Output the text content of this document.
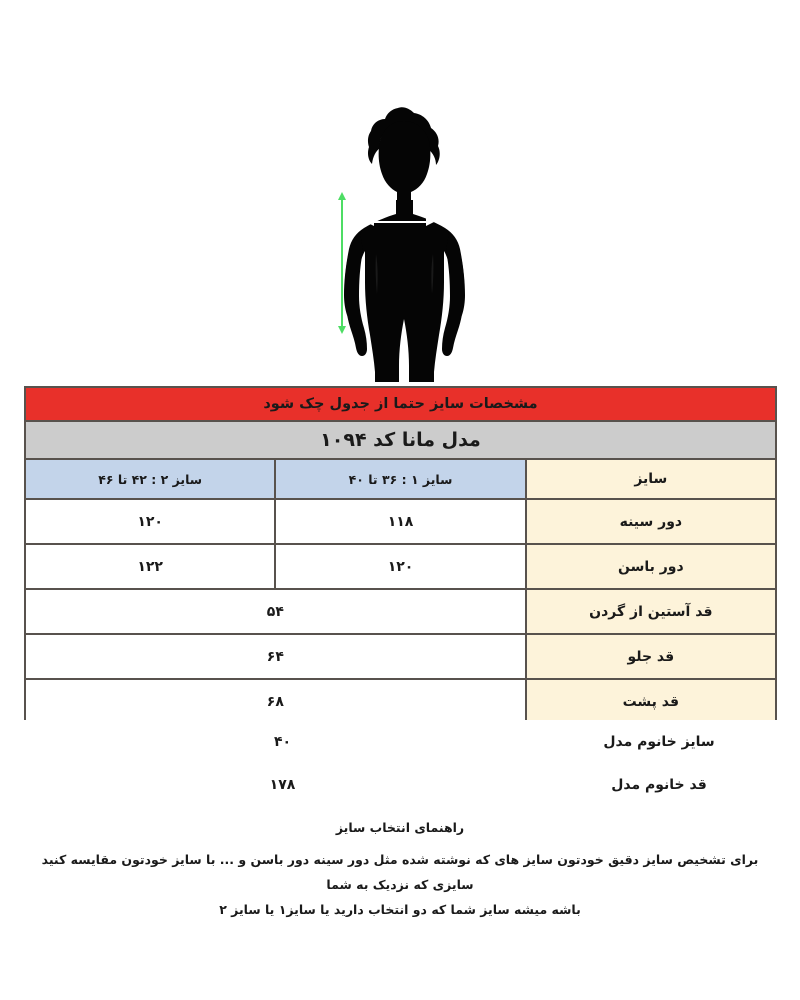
مشخصات سایز حتما از جدول چک شود		
مدل مانا کد ۱۰۹۴		
سایز	سایز ۱ : ۳۶ تا ۴۰	سایز ۲ : ۴۲ تا ۴۶
دور سینه	۱۱۸	۱۲۰
دور باسن	۱۲۰	۱۲۲
قد آستین از گردن	۵۴	
قد جلو	۶۴	
قد پشت	۶۸	
سایز خانوم مدل	۴۰
قد خانوم مدل	۱۷۸
راهنمای انتخاب سایز
برای تشخیص سایز دقیق خودتون سایز های که نوشته شده مثل دور سینه دور باسن و ... با سایز خودتون مقایسه کنید سایزی که نزدیک به شما
باشه میشه سایز شما که دو انتخاب دارید یا سایز۱ یا سایز ۲
